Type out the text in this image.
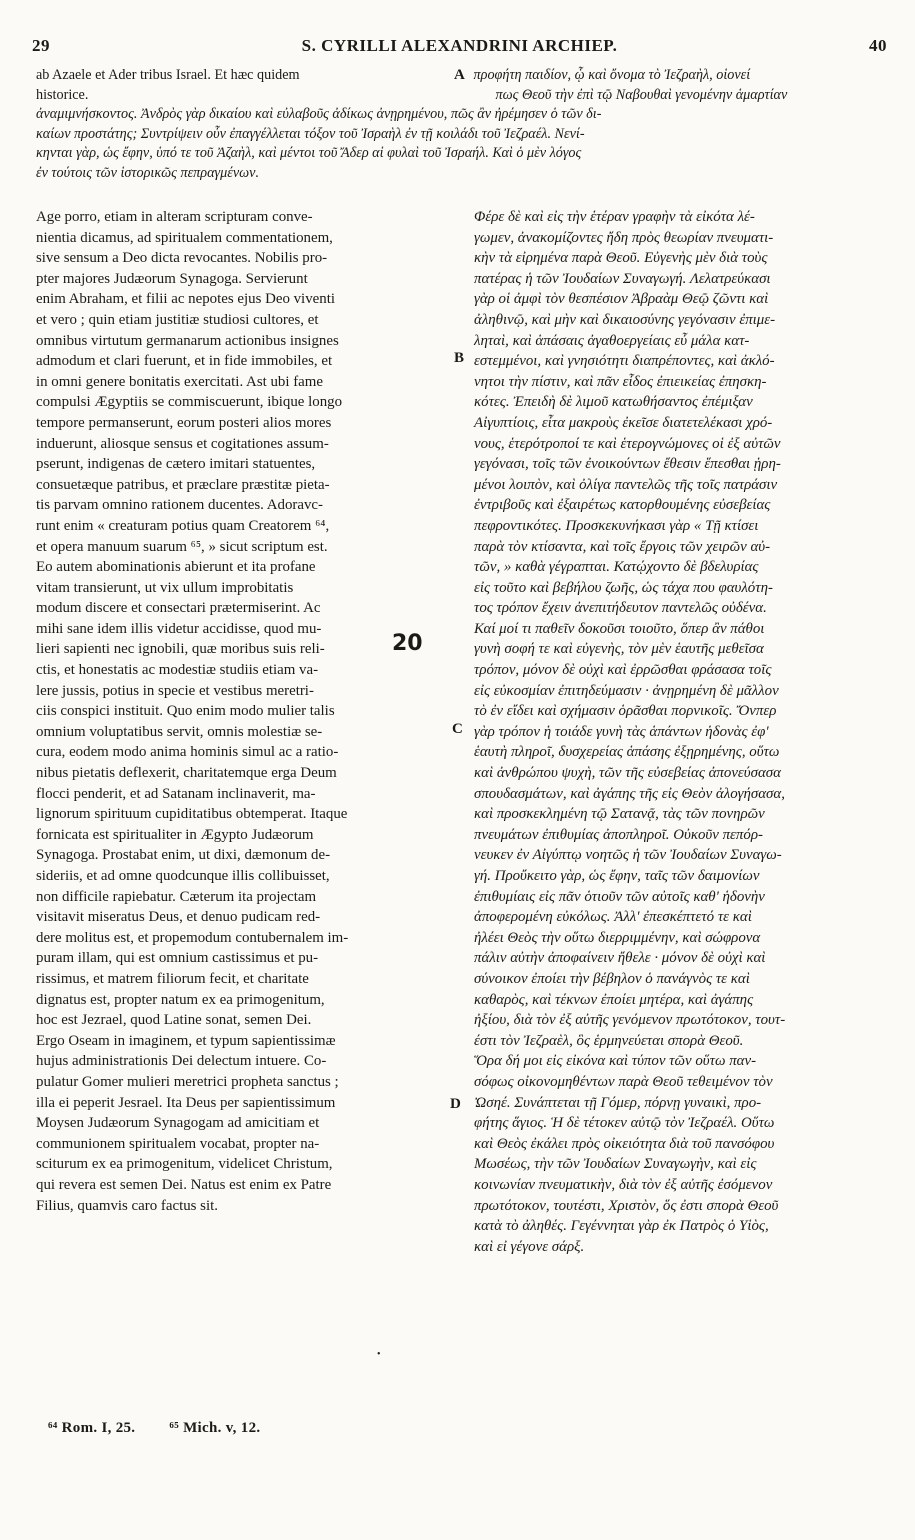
29	S. CYRILLI ALEXANDRINI ARCHIEP.	40
ab Azaele et Ader tribus Israel. Et hæc quidem	A προφήτη παιδίον, ᾧ καὶ ὄνομα τὸ Ἰεζραὴλ, οἱονεί
historice.	πως Θεοῦ τὴν ἐπὶ τῷ Ναβουθαὶ γενομένην ἁμαρτίαν
ἀναμιμνήσκοντος. Ἀνδρὸς γὰρ δικαίου καὶ εὐλαβοῦς ἀδίκως ἀνῃρημένου, πῶς ἂν ἠρέμησεν ὁ τῶν δι-
καίων προστάτης; Συντρίψειν οὖν ἐπαγγέλλεται τόξον τοῦ Ἰσραὴλ ἐν τῇ κοιλάδι τοῦ Ἰεζραέλ. Νενί-
κηνται γὰρ, ὡς ἔφην, ὑπό τε τοῦ Ἀζαὴλ, καὶ μέντοι τοῦ Ἄδερ αἱ φυλαὶ τοῦ Ἰσραήλ. Καὶ ὁ μὲν λόγος
ἐν τούτοις τῶν ἱστορικῶς πεπραγμένων.

Age porro, etiam in alteram scripturam conve-

nientia dicamus, ad spiritualem commentationem,

sive sensum a Deo dicta revocantes. Nobilis pro-

pter majores Judæorum Synagoga. Servierunt

enim Abraham, et filii ac nepotes ejus Deo viventi

et vero ; quin etiam justitiæ studiosi cultores, et

omnibus virtutum germanarum actionibus insignes

admodum et clari fuerunt, et in fide immobiles, et

in omni genere bonitatis exercitati. Ast ubi fame

compulsi Ægyptiis se commiscuerunt, ibique longo

tempore permanserunt, eorum posteri alios mores

induerunt, aliosque sensus et cogitationes assum-

pserunt, indigenas de cætero imitari statuentes,

consuetæque patribus, et præclare præstitæ pieta-

tis parvam omnino rationem ducentes. Adoravc-

runt enim « creaturam potius quam Creatorem ⁶⁴,

et opera manuum suarum ⁶⁵, » sicut scriptum est.

Eo autem abominationis abierunt et ita profane

vitam transierunt, ut vix ullum improbitatis

modum discere et consectari prætermiserint. Ac

mihi sane idem illis videtur accidisse, quod mu-

lieri sapienti nec ignobili, quæ moribus suis reli-

ctis, et honestatis ac modestiæ studiis etiam va-

lere jussis, potius in specie et vestibus meretri-

ciis conspici instituit. Quo enim modo mulier talis

omnium voluptatibus servit, omnis molestiæ se-

cura, eodem modo anima hominis simul ac a ratio-

nibus pietatis deflexerit, charitatemque erga Deum

flocci penderit, et ad Satanam inclinaverit, ma-

lignorum spirituum cupiditatibus obtemperat. Itaque

fornicata est spiritualiter in Ægypto Judæorum

Synagoga. Prostabat enim, ut dixi, dæmonum de-

sideriis, et ad omne quodcunque illis collibuisset,

non difficile rapiebatur. Cæterum ita projectam

visitavit miseratus Deus, et denuo pudicam red-

dere molitus est, et propemodum contubernalem im-

puram illam, qui est omnium castissimus et pu-

rissimus, et matrem filiorum fecit, et charitate

dignatus est, propter natum ex ea primogenitum,

hoc est Jezrael, quod Latine sonat, semen Dei.

Ergo Oseam in imaginem, et typum sapientissimæ

hujus administrationis Dei delectum intuere. Co-

pulatur Gomer mulieri meretrici propheta sanctus ;

illa ei peperit Jesrael. Ita Deus per sapientissimum

Moysen Judæorum Synagogam ad amicitiam et

communionem spiritualem vocabat, propter na-

sciturum ex ea primogenitum, videlicet Christum,

qui revera est semen Dei. Natus est enim ex Patre

Filius, quamvis caro factus sit.

Φέρε δὲ καὶ εἰς τὴν ἑτέραν γραφὴν τὰ εἰκότα λέ-

γωμεν, ἀνακομίζοντες ἤδη πρὸς θεωρίαν πνευματι-

κὴν τὰ εἰρημένα παρὰ Θεοῦ. Εὐγενὴς μὲν διὰ τοὺς

πατέρας ἡ τῶν Ἰουδαίων Συναγωγή. Λελατρεύκασι

γὰρ οἱ ἀμφὶ τὸν θεσπέσιον Ἀβραὰμ Θεῷ ζῶντι καὶ

ἀληθινῷ, καὶ μὴν καὶ δικαιοσύνης γεγόνασιν ἐπιμε-

ληταὶ, καὶ ἁπάσαις ἀγαθοεργείαις εὖ μάλα κατ-

εστεμμένοι, καὶ γνησιότητι διαπρέποντες, καὶ ἀκλό-

νητοι τὴν πίστιν, καὶ πᾶν εἶδος ἐπιεικείας ἐπησκη-

κότες. Ἐπειδὴ δὲ λιμοῦ κατωθήσαντος ἐπέμιξαν

Αἰγυπτίοις, εἶτα μακροὺς ἐκεῖσε διατετελέκασι χρό-

νους, ἑτερότροποί τε καὶ ἑτερογνώμονες οἱ ἐξ αὐτῶν

γεγόνασι, τοῖς τῶν ἐνοικούντων ἔθεσιν ἕπεσθαι ᾑρη-

μένοι λοιπὸν, καὶ ὀλίγα παντελῶς τῆς τοῖς πατράσιν

ἐντριβοῦς καὶ ἐξαιρέτως κατορθουμένης εὐσεβείας

πεφροντικότες. Προσκεκυνήκασι γὰρ « Τῇ κτίσει

παρὰ τὸν κτίσαντα, καὶ τοῖς ἔργοις τῶν χειρῶν αὐ-

τῶν, » καθὰ γέγραπται. Κατῴχοντο δὲ βδελυρίας

εἰς τοῦτο καὶ βεβήλου ζωῆς, ὡς τάχα που φαυλότη-

τος τρόπον ἔχειν ἀνεπιτήδευτον παντελῶς οὐδένα.

Καί μοί τι παθεῖν δοκοῦσι τοιοῦτο, ὅπερ ἂν πάθοι

γυνὴ σοφή τε καὶ εὐγενὴς, τὸν μὲν ἑαυτῆς μεθεῖσα

τρόπον, μόνον δὲ οὐχὶ καὶ ἐρρῶσθαι φράσασα τοῖς

εἰς εὐκοσμίαν ἐπιτηδεύμασιν · ἀνῃρημένη δὲ μᾶλλον

τὸ ἐν εἴδει καὶ σχήμασιν ὁρᾶσθαι πορνικοῖς. Ὄνπερ

γὰρ τρόπον ἡ τοιάδε γυνὴ τὰς ἁπάντων ἡδονὰς ἐφ'

ἑαυτὴ πληροῖ, δυσχερείας ἁπάσης ἐξῃρημένης, οὕτω

καὶ ἀνθρώπου ψυχὴ, τῶν τῆς εὐσεβείας ἀπονεύσασα

σπουδασμάτων, καὶ ἀγάπης τῆς εἰς Θεὸν ἀλογήσασα,

καὶ προσκεκλημένη τῷ Σατανᾷ, τὰς τῶν πονηρῶν

πνευμάτων ἐπιθυμίας ἀποπληροῖ. Οὐκοῦν πεπόρ-

νευκεν ἐν Αἰγύπτῳ νοητῶς ἡ τῶν Ἰουδαίων Συναγω-

γή. Προὔκειτο γὰρ, ὡς ἔφην, ταῖς τῶν δαιμονίων

ἐπιθυμίαις εἰς πᾶν ὁτιοῦν τῶν αὐτοῖς καθ' ἡδονὴν

ἀποφερομένη εὐκόλως. Ἀλλ' ἐπεσκέπτετό τε καὶ

ἠλέει Θεὸς τὴν οὕτω διερριμμένην, καὶ σώφρονα

πάλιν αὐτὴν ἀποφαίνειν ἤθελε · μόνον δὲ οὐχὶ καὶ

σύνοικον ἐποίει τὴν βέβηλον ὁ πανάγνὸς τε καὶ

καθαρὸς, καὶ τέκνων ἐποίει μητέρα, καὶ ἀγάπης

ἠξίου, διὰ τὸν ἐξ αὐτῆς γενόμενον πρωτότοκον, τουτ-

έστι τὸν Ἰεζραὲλ, ὃς ἑρμηνεύεται σπορὰ Θεοῦ.

Ὅρα δή μοι εἰς εἰκόνα καὶ τύπον τῶν οὕτω παν-

σόφως οἰκονομηθέντων παρὰ Θεοῦ τεθειμένον τὸν

Ὠσηέ. Συνάπτεται τῇ Γόμερ, πόρνῃ γυναικὶ, προ-

φήτης ἅγιος. Ἡ δὲ τέτοκεν αὐτῷ τὸν Ἰεζραέλ. Οὕτω

καὶ Θεὸς ἐκάλει πρὸς οἰκειότητα διὰ τοῦ πανσόφου

Μωσέως, τὴν τῶν Ἰουδαίων Συναγωγὴν, καὶ εἰς

κοινωνίαν πνευματικὴν, διὰ τὸν ἐξ αὐτῆς ἐσόμενον

πρωτότοκον, τουτέστι, Χριστὸν, ὅς ἐστι σπορὰ Θεοῦ

κατὰ τὸ ἀληθές. Γεγέννηται γὰρ ἐκ Πατρὸς ὁ Υἱὸς,

καὶ εἰ γέγονε σάρξ.

B
C
D
20
•
⁶⁴ Rom. I, 25. ⁶⁵ Mich. v, 12.
